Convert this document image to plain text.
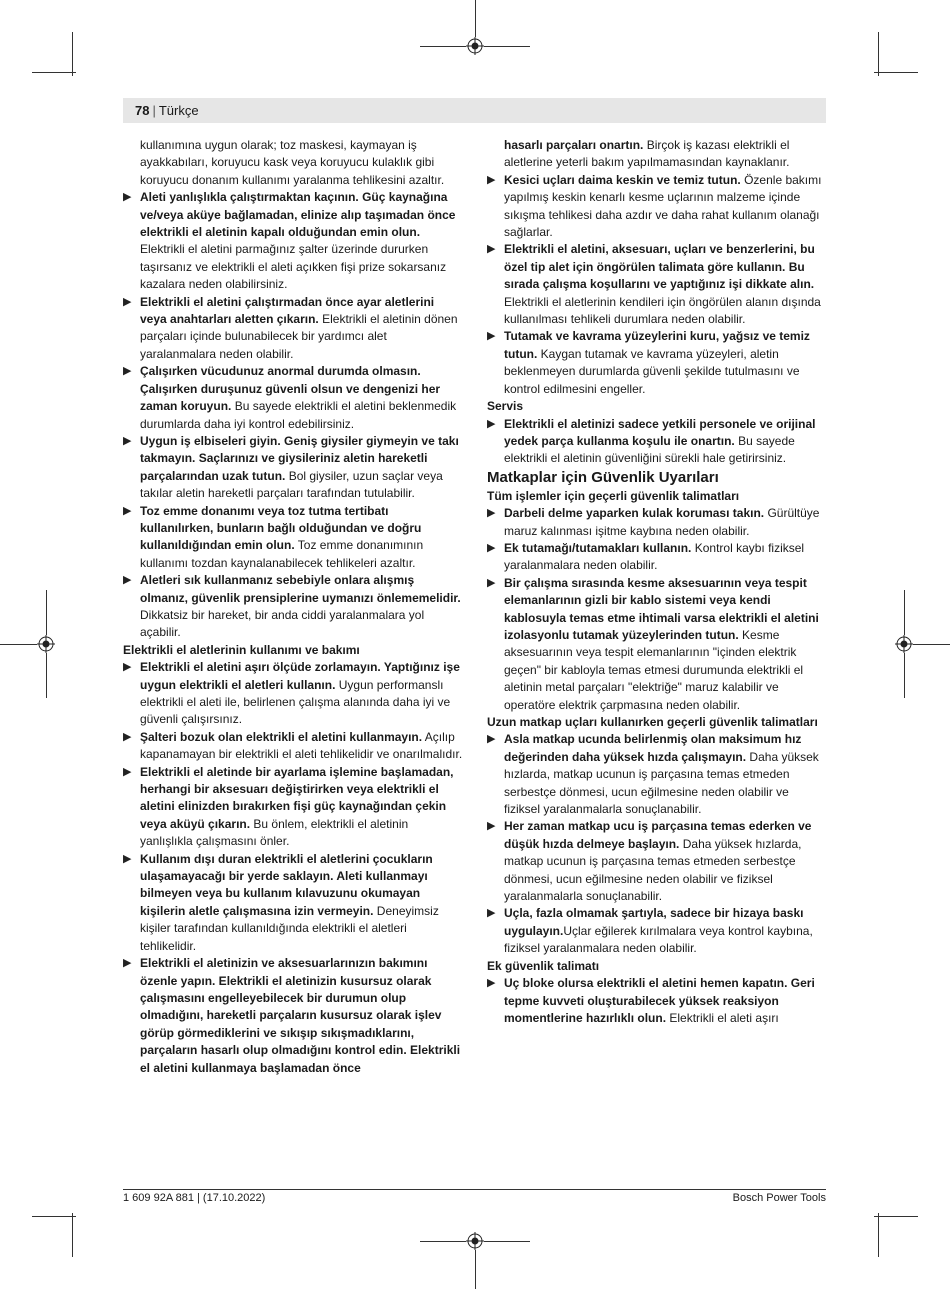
78 | Türkçe

kullanımına uygun olarak; toz maskesi, kaymayan iş ayakkabıları, koruyucu kask veya koruyucu kulaklık gibi koruyucu donanım kullanımı yaralanma tehlikesini azaltır.

▶ Aleti yanlışlıkla çalıştırmaktan kaçının. Güç kaynağına ve/veya aküye bağlamadan, elinize alıp taşımadan önce elektrikli el aletinin kapalı olduğundan emin olun. Elektrikli el aletini parmağınız şalter üzerinde dururken taşırsanız ve elektrikli el aleti açıkken fişi prize sokarsanız kazalara neden olabilirsiniz.

▶ Elektrikli el aletini çalıştırmadan önce ayar aletlerini veya anahtarları aletten çıkarın. Elektrikli el aletinin dönen parçaları içinde bulunabilecek bir yardımcı alet yaralanmalara neden olabilir.

▶ Çalışırken vücudunuz anormal durumda olmasın. Çalışırken duruşunuz güvenli olsun ve dengenizi her zaman koruyun. Bu sayede elektrikli el aletini beklenmedik durumlarda daha iyi kontrol edebilirsiniz.

▶ Uygun iş elbiseleri giyin. Geniş giysiler giymeyin ve takı takmayın. Saçlarınızı ve giysileriniz aletin hareketli parçalarından uzak tutun. Bol giysiler, uzun saçlar veya takılar aletin hareketli parçaları tarafından tutulabilir.

▶ Toz emme donanımı veya toz tutma tertibatı kullanılırken, bunların bağlı olduğundan ve doğru kullanıldığından emin olun. Toz emme donanımının kullanımı tozdan kaynalanabilecek tehlikeleri azaltır.

▶ Aletleri sık kullanmanız sebebiyle onlara alışmış olmanız, güvenlik prensiplerine uymanızı önlememelidir. Dikkatsiz bir hareket, bir anda ciddi yaralanmalara yol açabilir.

Elektrikli el aletlerinin kullanımı ve bakımı

▶ Elektrikli el aletini aşırı ölçüde zorlamayın. Yaptığınız işe uygun elektrikli el aletleri kullanın. Uygun performanslı elektrikli el aleti ile, belirlenen çalışma alanında daha iyi ve güvenli çalışırsınız.

▶ Şalteri bozuk olan elektrikli el aletini kullanmayın. Açılıp kapanamayan bir elektrikli el aleti tehlikelidir ve onarılmalıdır.

▶ Elektrikli el aletinde bir ayarlama işlemine başlamadan, herhangi bir aksesuarı değiştirirken veya elektrikli el aletini elinizden bırakırken fişi güç kaynağından çekin veya aküyü çıkarın. Bu önlem, elektrikli el aletinin yanlışlıkla çalışmasını önler.

▶ Kullanım dışı duran elektrikli el aletlerini çocukların ulaşamayacağı bir yerde saklayın. Aleti kullanmayı bilmeyen veya bu kullanım kılavuzunu okumayan kişilerin aletle çalışmasına izin vermeyin. Deneyimsiz kişiler tarafından kullanıldığında elektrikli el aletleri tehlikelidir.

▶ Elektrikli el aletinizin ve aksesuarlarınızın bakımını özenle yapın. Elektrikli el aletinizin kusursuz olarak çalışmasını engelleyebilecek bir durumun olup olmadığını, hareketli parçaların kusursuz olarak işlev görüp görmediklerini ve sıkışıp sıkışmadıklarını, parçaların hasarlı olup olmadığını kontrol edin. Elektrikli el aletini kullanmaya başlamadan önce

hasarlı parçaları onartın. Birçok iş kazası elektrikli el aletlerine yeterli bakım yapılmamasından kaynaklanır.

▶ Kesici uçları daima keskin ve temiz tutun. Özenle bakımı yapılmış keskin kenarlı kesme uçlarının malzeme içinde sıkışma tehlikesi daha azdır ve daha rahat kullanım olanağı sağlarlar.

▶ Elektrikli el aletini, aksesuarı, uçları ve benzerlerini, bu özel tip alet için öngörülen talimata göre kullanın. Bu sırada çalışma koşullarını ve yaptığınız işi dikkate alın. Elektrikli el aletlerinin kendileri için öngörülen alanın dışında kullanılması tehlikeli durumlara neden olabilir.

▶ Tutamak ve kavrama yüzeylerini kuru, yağsız ve temiz tutun. Kaygan tutamak ve kavrama yüzeyleri, aletin beklenmeyen durumlarda güvenli şekilde tutulmasını ve kontrol edilmesini engeller.

Servis

▶ Elektrikli el aletinizi sadece yetkili personele ve orijinal yedek parça kullanma koşulu ile onartın. Bu sayede elektrikli el aletinin güvenliğini sürekli hale getirirsiniz.

Matkaplar için Güvenlik Uyarıları

Tüm işlemler için geçerli güvenlik talimatları

▶ Darbeli delme yaparken kulak koruması takın. Gürültüye maruz kalınması işitme kaybına neden olabilir.

▶ Ek tutamağı/tutamakları kullanın. Kontrol kaybı fiziksel yaralanmalara neden olabilir.

▶ Bir çalışma sırasında kesme aksesuarının veya tespit elemanlarının gizli bir kablo sistemi veya kendi kablosuyla temas etme ihtimali varsa elektrikli el aletini izolasyonlu tutamak yüzeylerinden tutun. Kesme aksesuarının veya tespit elemanlarının "içinden elektrik geçen" bir kabloyla temas etmesi durumunda elektrikli el aletinin metal parçaları "elektriğe" maruz kalabilir ve operatöre elektrik çarpmasına neden olabilir.

Uzun matkap uçları kullanırken geçerli güvenlik talimatları

▶ Asla matkap ucunda belirlenmiş olan maksimum hız değerinden daha yüksek hızda çalışmayın. Daha yüksek hızlarda, matkap ucunun iş parçasına temas etmeden serbestçe dönmesi, ucun eğilmesine neden olabilir ve fiziksel yaralanmalarla sonuçlanabilir.

▶ Her zaman matkap ucu iş parçasına temas ederken ve düşük hızda delmeye başlayın. Daha yüksek hızlarda, matkap ucunun iş parçasına temas etmeden serbestçe dönmesi, ucun eğilmesine neden olabilir ve fiziksel yaralanmalarla sonuçlanabilir.

▶ Uçla, fazla olmamak şartıyla, sadece bir hizaya baskı uygulayın.Uçlar eğilerek kırılmalara veya kontrol kaybına, fiziksel yaralanmalara neden olabilir.

Ek güvenlik talimatı

▶ Uç bloke olursa elektrikli el aletini hemen kapatın. Geri tepme kuvveti oluşturabilecek yüksek reaksiyon momentlerine hazırlıklı olun. Elektrikli el aleti aşırı

1 609 92A 881 | (17.10.2022)	Bosch Power Tools
